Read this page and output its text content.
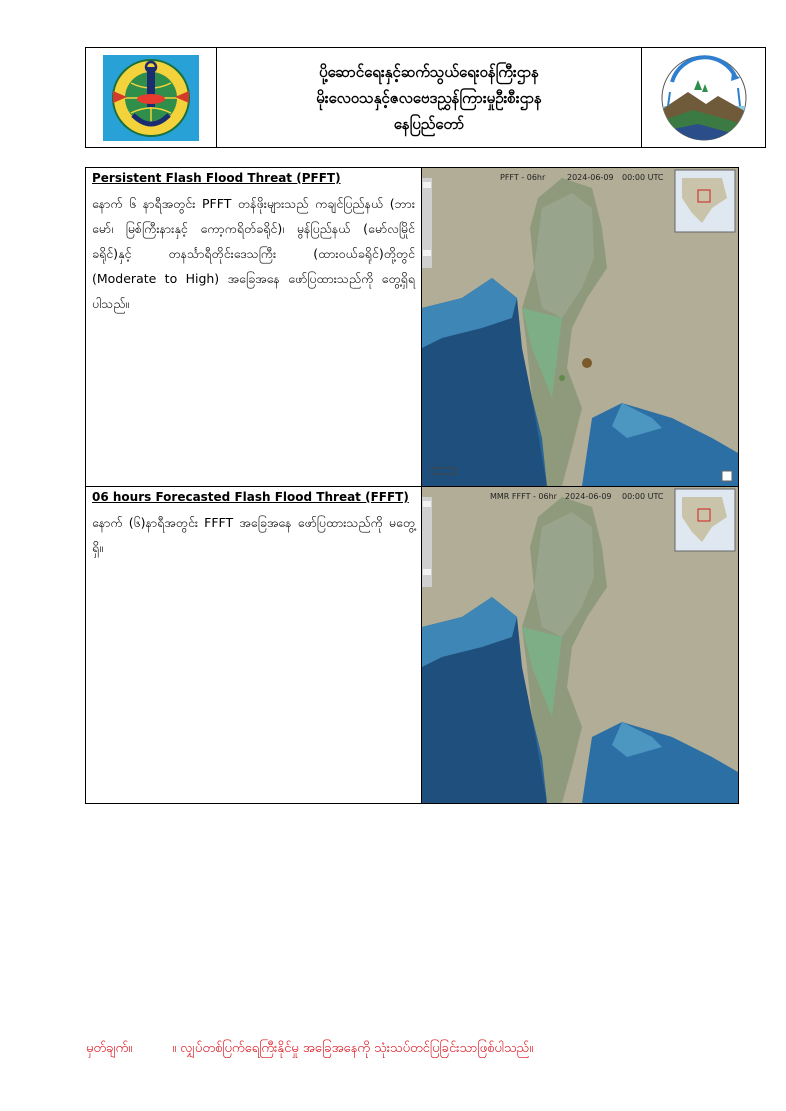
ပို့ဆောင်ရေးနှင့်ဆက်သွယ်ရေးဝန်ကြီးဌာန
မိုးလေဝသနှင့်ဇလဗေဒညွှန်ကြားမှုဦးစီးဌာန
နေပြည်တော်
Persistent Flash Flood Threat (PFFT)
နောက် ၆ နာရီအတွင်း PFFT တန်ဖိုးများသည် ကချင်ပြည်နယ် (ဘားမော်၊ မြစ်ကြီးနားနှင့် ကော့ကရိတ်ခရိုင်)၊ မွန်ပြည်နယ် (မော်လမြိုင်ခရိုင်)နှင့် တနင်္သာရီတိုင်းဒေသကြီး (ထားဝယ်ခရိုင်)တို့တွင် (Moderate to High) အခြေအနေ ဖော်ပြထားသည်ကို တွေ့ရှိရပါသည်။
PFFT - 06hr	2024-06-09 00:00 UTC
06 hours Forecasted Flash Flood Threat (FFFT)
နောက် (၆)နာရီအတွင်း FFFT အခြေအနေ ဖော်ပြထားသည်ကို မတွေ့ရှိ။
MMR FFFT - 06hr 2024-06-09 00:00 UTC
မှတ်ချက်။	။ လျှပ်တစ်ပြက်ရေကြီးနိုင်မှု အခြေအနေကို သုံးသပ်တင်ပြခြင်းသာဖြစ်ပါသည်။
